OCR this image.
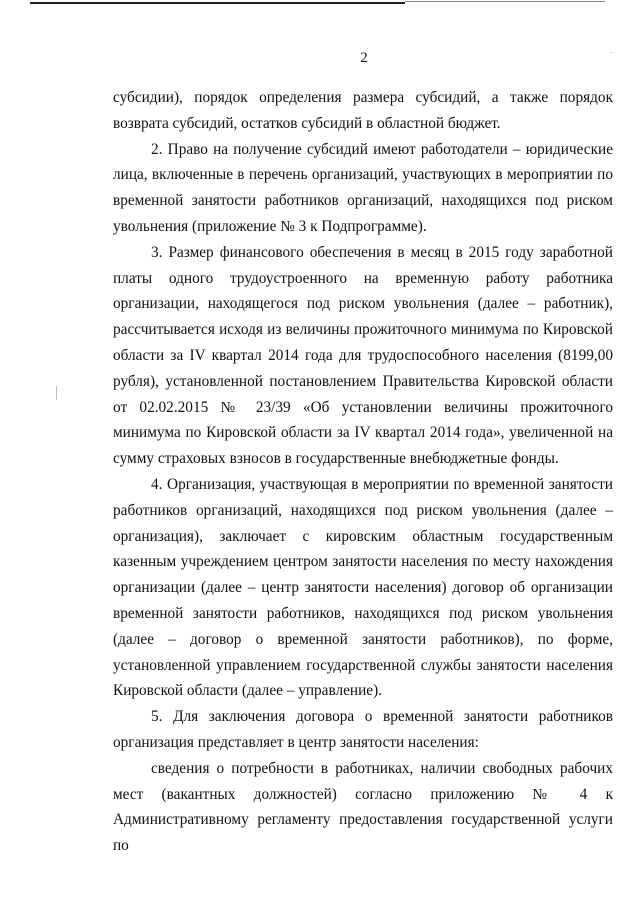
2

субсидии), порядок определения размера субсидий, а также порядок возврата субсидий, остатков субсидий в областной бюджет.

2. Право на получение субсидий имеют работодатели – юридические лица, включенные в перечень организаций, участвующих в мероприятии по временной занятости работников организаций, находящихся под риском увольнения (приложение № 3 к Подпрограмме).

3. Размер финансового обеспечения в месяц в 2015 году заработной платы одного трудоустроенного на временную работу работника организации, находящегося под риском увольнения (далее – работник), рассчитывается исходя из величины прожиточного минимума по Кировской области за IV квартал 2014 года для трудоспособного населения (8199,00 рубля), установленной постановлением Правительства Кировской области от 02.02.2015 № 23/39 «Об установлении величины прожиточного минимума по Кировской области за IV квартал 2014 года», увеличенной на сумму страховых взносов в государственные внебюджетные фонды.

4. Организация, участвующая в мероприятии по временной занятости работников организаций, находящихся под риском увольнения (далее – организация), заключает с кировским областным государственным казенным учреждением центром занятости населения по месту нахождения организации (далее – центр занятости населения) договор об организации временной занятости работников, находящихся под риском увольнения (далее – договор о временной занятости работников), по форме, установленной управлением государственной службы занятости населения Кировской области (далее – управление).

5. Для заключения договора о временной занятости работников организация представляет в центр занятости населения:

сведения о потребности в работниках, наличии свободных рабочих мест (вакантных должностей) согласно приложению № 4 к Административному регламенту предоставления государственной услуги по
